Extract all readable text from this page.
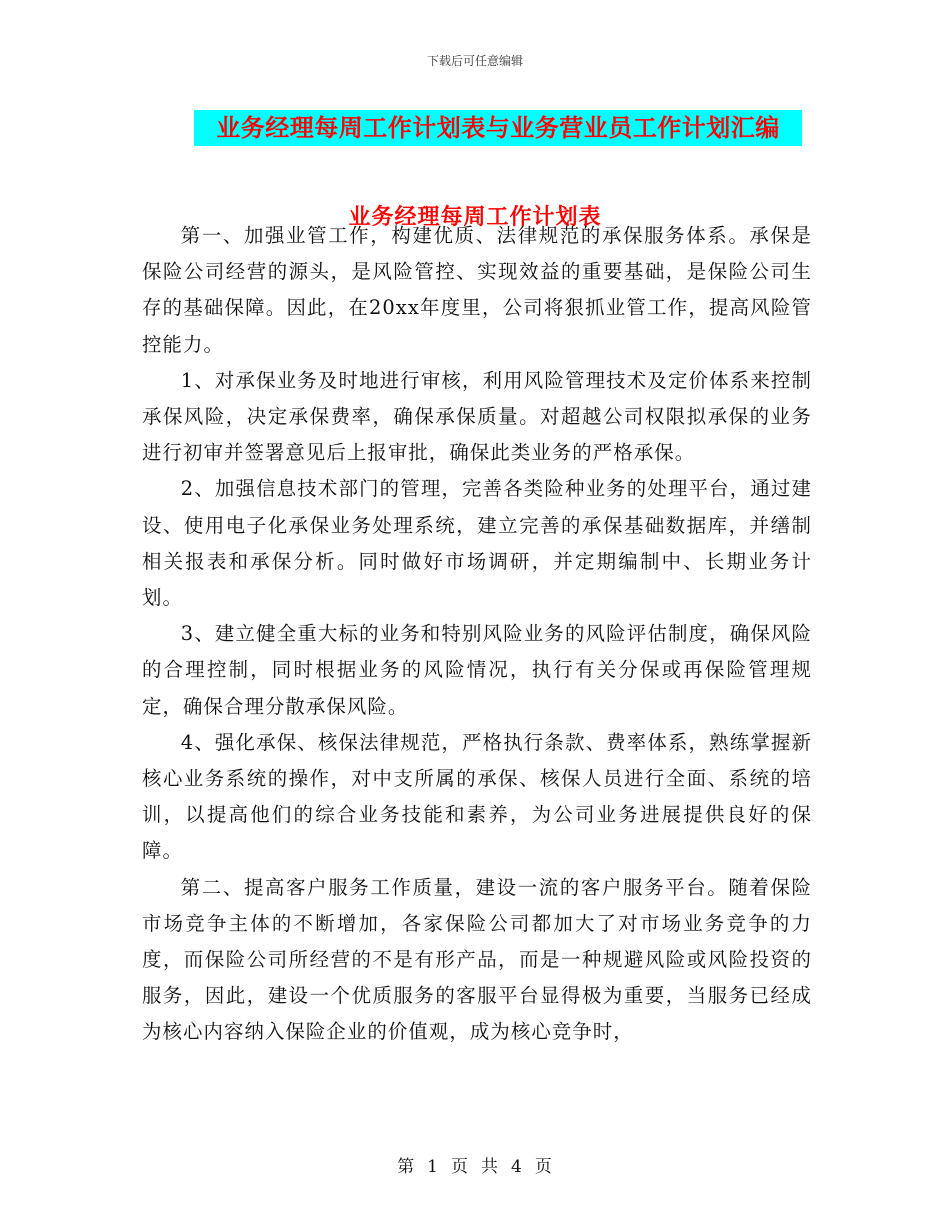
下载后可任意编辑
业务经理每周工作计划表与业务营业员工作计划汇编
业务经理每周工作计划表

第一、加强业管工作，构建优质、法律规范的承保服务体系。承保是保险公司经营的源头，是风险管控、实现效益的重要基础，是保险公司生存的基础保障。因此，在20xx年度里，公司将狠抓业管工作，提高风险管控能力。

1、对承保业务及时地进行审核，利用风险管理技术及定价体系来控制承保风险，决定承保费率，确保承保质量。对超越公司权限拟承保的业务进行初审并签署意见后上报审批，确保此类业务的严格承保。

2、加强信息技术部门的管理，完善各类险种业务的处理平台，通过建设、使用电子化承保业务处理系统，建立完善的承保基础数据库，并缮制相关报表和承保分析。同时做好市场调研，并定期编制中、长期业务计划。

3、建立健全重大标的业务和特别风险业务的风险评估制度，确保风险的合理控制，同时根据业务的风险情况，执行有关分保或再保险管理规定，确保合理分散承保风险。

4、强化承保、核保法律规范，严格执行条款、费率体系，熟练掌握新核心业务系统的操作，对中支所属的承保、核保人员进行全面、系统的培训，以提高他们的综合业务技能和素养，为公司业务进展提供良好的保障。

第二、提高客户服务工作质量，建设一流的客户服务平台。随着保险市场竞争主体的不断增加，各家保险公司都加大了对市场业务竞争的力度，而保险公司所经营的不是有形产品，而是一种规避风险或风险投资的服务，因此，建设一个优质服务的客服平台显得极为重要，当服务已经成为核心内容纳入保险企业的价值观，成为核心竞争时，

第 1 页 共 4 页
